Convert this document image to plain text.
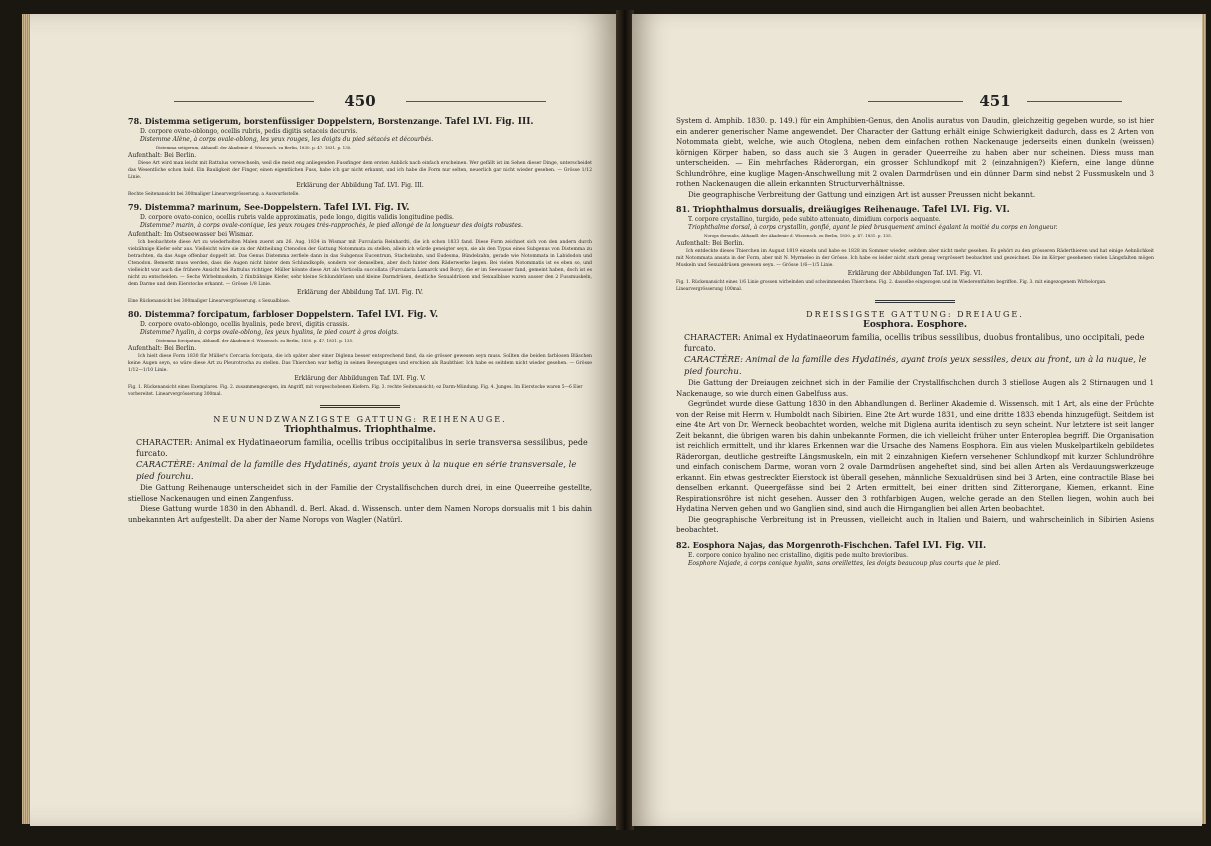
450

78. Distemma setigerum, borstenfüssiger Doppelstern, Borstenzange. Tafel LVI. Fig. III.

D. corpore ovato-oblongo, ocellis rubris, pedis digitis setaceis decurvis.

Distemme Alène, à corps ovale-oblong, les yeux rouges, les doigts du pied sétacés et décourbés.

Distemma setigerum, Abhandl. der Akademie d. Wissensch. zu Berlin, 1830. p. 47. 1831. p. 135.

Aufenthalt: Bei Berlin.

Diese Art wird man leicht mit Rattulus verwechseln, weil die meist eng anliegenden Fussfinger dem ersten Anblick nach einfach erscheinen. Wer gefällt ist im Sehen dieser Dinge, unterscheidet das Wesentliche schon bald. Ein Bauligkeit der Finger, einen eigentlichen Fuss, habe ich gar nicht erkannt, und ich habe die Form nur selten, neuerlich gar nicht wieder gesehen. — Grösse 1/12 Linie.

Erklärung der Abbildung Taf. LVI. Fig. III.

Rechte Seitenansicht bei 300maliger Linearvergrösserung. a Auswurfsstelle.

79. Distemma? marinum, See-Doppelstern. Tafel LVI. Fig. IV.

D. corpore ovato-conico, ocellis rubris valde approximatis, pede longo, digitis validis longitudine pedis.

Distemme? marin, à corps ovale-conique, les yeux rouges très-rapprochés, le pied allongé de la longueur des doigts robustes.

Aufenthalt: Im Ostseewasser bei Wismar.

Ich beobachtete diese Art zu wiederholten Malen zuerst am 26. Aug. 1834 in Wismar mit Furcularia Reinhardti, die ich schon 1833 fand. Diese Form zeichnet sich von den andern durch vielzähnige Kiefer sehr aus. Vielleicht wäre sie zu der Abtheilung Ctenodon der Gattung Notommata zu stellen, allein ich würde geneigter seyn, sie als den Typus eines Subgenus von Distemma zu betrachten, da das Auge offenbar doppelt ist. Das Genus Distemma zerfiele dann in das Subgenus Eucentrum, Stachelzahn, und Eudesma, Bündelzahn, gerade wie Notommata in Labidodon und Ctenodon. Bemerkt muss werden, dass die Augen nicht hinter dem Schlundkopfe, sondern vor demselben, aber doch hinter dem Räderwerke liegen. Bei vielen Notommatis ist es eben so, und vielleicht war auch die frühere Ansicht bei Rattulus richtiger. Müller könnte diese Art als Vorticella succollata (Furcularia Lamarck und Bory), die er im Seewasser fand, gemeint haben, doch ist es nicht zu entscheiden. — Sechs Wirbelmuskeln, 2 fünfzähnige Kiefer, sehr kleine Schlunddrüsen und kleine Darmdrüsen, deutliche Sexualdrüsen und Sexualblase waren ausser den 2 Fussmuskeln, dem Darme und dem Eierstocke erkannt. — Grösse 1/8 Linie.

Erklärung der Abbildung Taf. LVI. Fig. IV.

Eine Rückenansicht bei 300maliger Linearvergrösserung. s Sexualblase.

80. Distemma? forcipatum, farbloser Doppelstern. Tafel LVI. Fig. V.

D. corpore ovato-oblongo, ocellis hyalinis, pede brevi, digitis crassis.

Distemme? hyalin, à corps ovale-oblong, les yeux hyalins, le pied court à gros doigts.

Distemma forcipatum, Abhandl. der Akademie d. Wissensch. zu Berlin, 1830. p. 47. 1831. p. 135.

Aufenthalt: Bei Berlin.

Ich hielt diese Form 1830 für Müller's Cercaria forcipata, die ich später aber einer Diglena besser entsprechend fand, da sie grösser gewesen seyn muss. Sollten die beiden farblosen Bläschen keine Augen seyn, so wäre diese Art zu Pleurotrocha zu stellen. Das Thierchen war heftig in seinen Bewegungen und erschien als Raubthier. Ich habe es seitdem nicht wieder gesehen. — Grösse 1/12—1/10 Linie.

Erklärung der Abbildungen Taf. LVI. Fig. V.

Fig. 1. Rückenansicht eines Exemplares. Fig. 2. zusammengezogen, im Angriff, mit vorgeschobenen Kiefern. Fig. 3. rechte Seitenansicht; ez Darm-Mündung. Fig. 4. Junges. Im Eierstocke waren 5—6 Eier vorbereitet. Linearvergrösserung 300mal.

NEUNUNDZWANZIGSTE GATTUNG: REIHENAUGE.

Triophthalmus. Triophthalme.

CHARACTER: Animal ex Hydatinaeorum familia, ocellis tribus occipitalibus in serie transversa sessilibus, pede furcato.

CARACTÈRE: Animal de la famille des Hydatinés, ayant trois yeux à la nuque en série transversale, le pied fourchu.

Die Gattung Reihenauge unterscheidet sich in der Familie der Crystallfischchen durch drei, in eine Queerreihe gestellte, stiellose Nackenaugen und einen Zangenfuss.

Diese Gattung wurde 1830 in den Abhandl. d. Berl. Akad. d. Wissensch. unter dem Namen Norops dorsualis mit 1 bis dahin unbekannten Art aufgestellt. Da aber der Name Norops von Wagler (Natürl.

451

System d. Amphib. 1830. p. 149.) für ein Amphibien-Genus, den Anolis auratus von Daudin, gleichzeitig gegeben wurde, so ist hier ein anderer generischer Name angewendet. Der Character der Gattung erhält einige Schwierigkeit dadurch, dass es 2 Arten von Notommata giebt, welche, wie auch Otoglena, neben dem einfachen rothen Nackenauge jederseits einen dunkeln (weissen) körnigen Körper haben, so dass auch sie 3 Augen in gerader Queerreihe zu haben aber nur scheinen. Diess muss man unterscheiden. — Ein mehrfaches Räderorgan, ein grosser Schlundkopf mit 2 (einzahnigen?) Kiefern, eine lange dünne Schlundröhre, eine kuglige Magen-Anschwellung mit 2 ovalen Darmdrüsen und ein dünner Darm sind nebst 2 Fussmuskeln und 3 rothen Nackenaugen die allein erkannten Structurverhältnisse.

Die geographische Verbreitung der Gattung und einzigen Art ist ausser Preussen nicht bekannt.

81. Triophthalmus dorsualis, dreiäugiges Reihenauge. Tafel LVI. Fig. VI.

T. corpore crystallino, turgido, pede subito attenuato, dimidium corporis aequante.

Triophthalme dorsal, à corps crystallin, gonflé, ayant le pied brusquement aminci égalant la moitié du corps en longueur.

Norops dorsualis, Abhandl. der Akademie d. Wissensch. zu Berlin, 1830. p. 47. 1831. p. 135.

Aufenthalt: Bei Berlin.

Ich entdeckte dieses Thierchen im August 1819 einzeln und habe es 1828 im Sommer wieder, seitdem aber nicht mehr gesehen. Es gehört zu den grösseren Räderthieren und hat einige Aehnlichkeit mit Notommata ansata in der Form, aber mit N. Myrmeleo in der Grösse. Ich habe es leider nicht stark genug vergrössert beobachtet und gezeichnet. Die im Körper gesehenen vielen Längsfalten mögen Muskeln und Sexualdrüsen gewesen seyn. — Grösse 1/6—1/5 Linie.

Erklärung der Abbildungen Taf. LVI. Fig. VI.

Fig. 1. Rückenansicht eines 1/6 Linie grossen wirbelnden und schwimmenden Thierchens. Fig. 2. dasselbe eingezogen und im Wiederentfalten begriffen. Fig. 3. mit eingezogenem Wirbelorgan. Linearvergrösserung 100mal.

DREISSIGSTE GATTUNG: DREIAUGE.

Eosphora. Eosphore.

CHARACTER: Animal ex Hydatinaeorum familia, ocellis tribus sessilibus, duobus frontalibus, uno occipitali, pede furcato.

CARACTÈRE: Animal de la famille des Hydatinés, ayant trois yeux sessiles, deux au front, un à la nuque, le pied fourchu.

Die Gattung der Dreiaugen zeichnet sich in der Familie der Crystallfischchen durch 3 stiellose Augen als 2 Stirnaugen und 1 Nackenauge, so wie durch einen Gabelfuss aus.

Gegründet wurde diese Gattung 1830 in den Abhandlungen d. Berliner Akademie d. Wissensch. mit 1 Art, als eine der Früchte von der Reise mit Herrn v. Humboldt nach Sibirien. Eine 2te Art wurde 1831, und eine dritte 1833 ebenda hinzugefügt. Seitdem ist eine 4te Art von Dr. Werneck beobachtet worden, welche mit Diglena aurita identisch zu seyn scheint. Nur letztere ist seit langer Zeit bekannt, die übrigen waren bis dahin unbekannte Formen, die ich vielleicht früher unter Enteroplea begriff. Die Organisation ist reichlich ermittelt, und ihr klares Erkennen war die Ursache des Namens Eosphora. Ein aus vielen Muskelpartikeln gebildetes Räderorgan, deutliche gestreifte Längsmuskeln, ein mit 2 einzahnigen Kiefern versehener Schlundkopf mit kurzer Schlundröhre und einfach conischem Darme, woran vorn 2 ovale Darmdrüsen angeheftet sind, sind bei allen Arten als Verdauungswerkzeuge erkannt. Ein etwas gestreckter Eierstock ist überall gesehen, männliche Sexualdrüsen sind bei 3 Arten, eine contractile Blase bei denselben erkannt. Queergefässe sind bei 2 Arten ermittelt, bei einer dritten sind Zitterorgane, Kiemen, erkannt. Eine Respirationsröhre ist nicht gesehen. Ausser den 3 rothfarbigen Augen, welche gerade an den Stellen liegen, wohin auch bei Hydatina Nerven gehen und wo Ganglien sind, sind auch die Hirnganglien bei allen Arten beobachtet.

Die geographische Verbreitung ist in Preussen, vielleicht auch in Italien und Baiern, und wahrscheinlich in Sibirien Asiens beobachtet.

82. Eosphora Najas, das Morgenroth-Fischchen. Tafel LVI. Fig. VII.

E. corpore conico hyalino nec cristallino, digitis pede multo brevioribus.

Eosphore Najade, à corps conique hyalin, sans oreillettes, les doigts beaucoup plus courts que le pied.
